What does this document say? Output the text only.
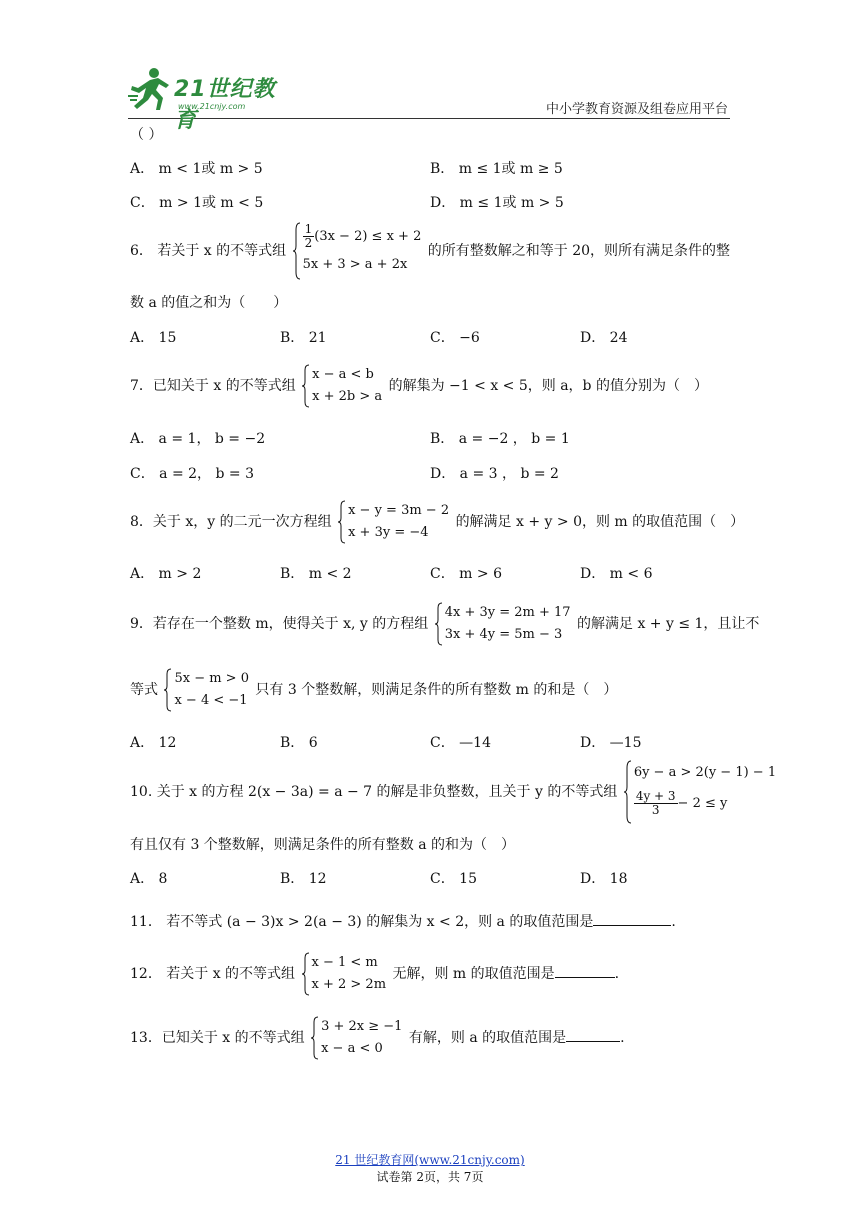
21世纪教育
www.21cnjy.com	中小学教育资源及组卷应用平台
（ ）
A． m < 1或 m > 5	B． m ≤ 1或 m ≥ 5
C． m > 1或 m < 5	D． m ≤ 1或 m > 5
6． 若关于 x 的不等式组
$\frac{1}{2} (3x - 2) \le x + 2$
5x + 3 > a + 2x
的所有整数解之和等于 20，则所有满足条件的整
数 a 的值之和为（　　）
A． 15	B． 21	C． −6	D． 24
7．已知关于 x 的不等式组
x − a < b
x + 2b > a
的解集为 −1 < x < 5，则 a，b 的值分别为（　）
A． a = 1， b = −2	B． a = −2 ， b = 1
C． a = 2， b = 3	D． a = 3 ， b = 2
8．关于 x，y 的二元一次方程组
x − y = 3m − 2
x + 3y = −4
的解满足 x + y > 0，则 m 的取值范围（　）
A． m > 2	B． m < 2	C． m > 6	D． m < 6
9．若存在一个整数 m，使得关于 x, y 的方程组
4x + 3y = 2m + 17
3x + 4y = 5m − 3
的解满足 x + y ≤ 1，且让不
等式
5x − m > 0
x − 4 < −1
只有 3 个整数解，则满足条件的所有整数 m 的和是（　）
A． 12	B． 6	C． —14	D． —15
10. 关于 x 的方程 2(x − 3a) = a − 7 的解是非负整数，且关于 y 的不等式组
6y − a > 2(y − 1) − 1
$\frac{4y + 3}{3} - 2 \le y$
有且仅有 3 个整数解，则满足条件的所有整数 a 的和为（　）
A． 8	B． 12	C． 15	D． 18
11． 若不等式 (a − 3)x > 2(a − 3) 的解集为 x < 2，则 a 的取值范围是	.
12． 若关于 x 的不等式组
x − 1 < m
x + 2 > 2m
无解，则 m 的取值范围是	.
13．已知关于 x 的不等式组
3 + 2x ≥ −1
x − a < 0
有解，则 a 的取值范围是	.
21 世纪教育网(www.21cnjy.com)
试卷第 2页，共 7页
